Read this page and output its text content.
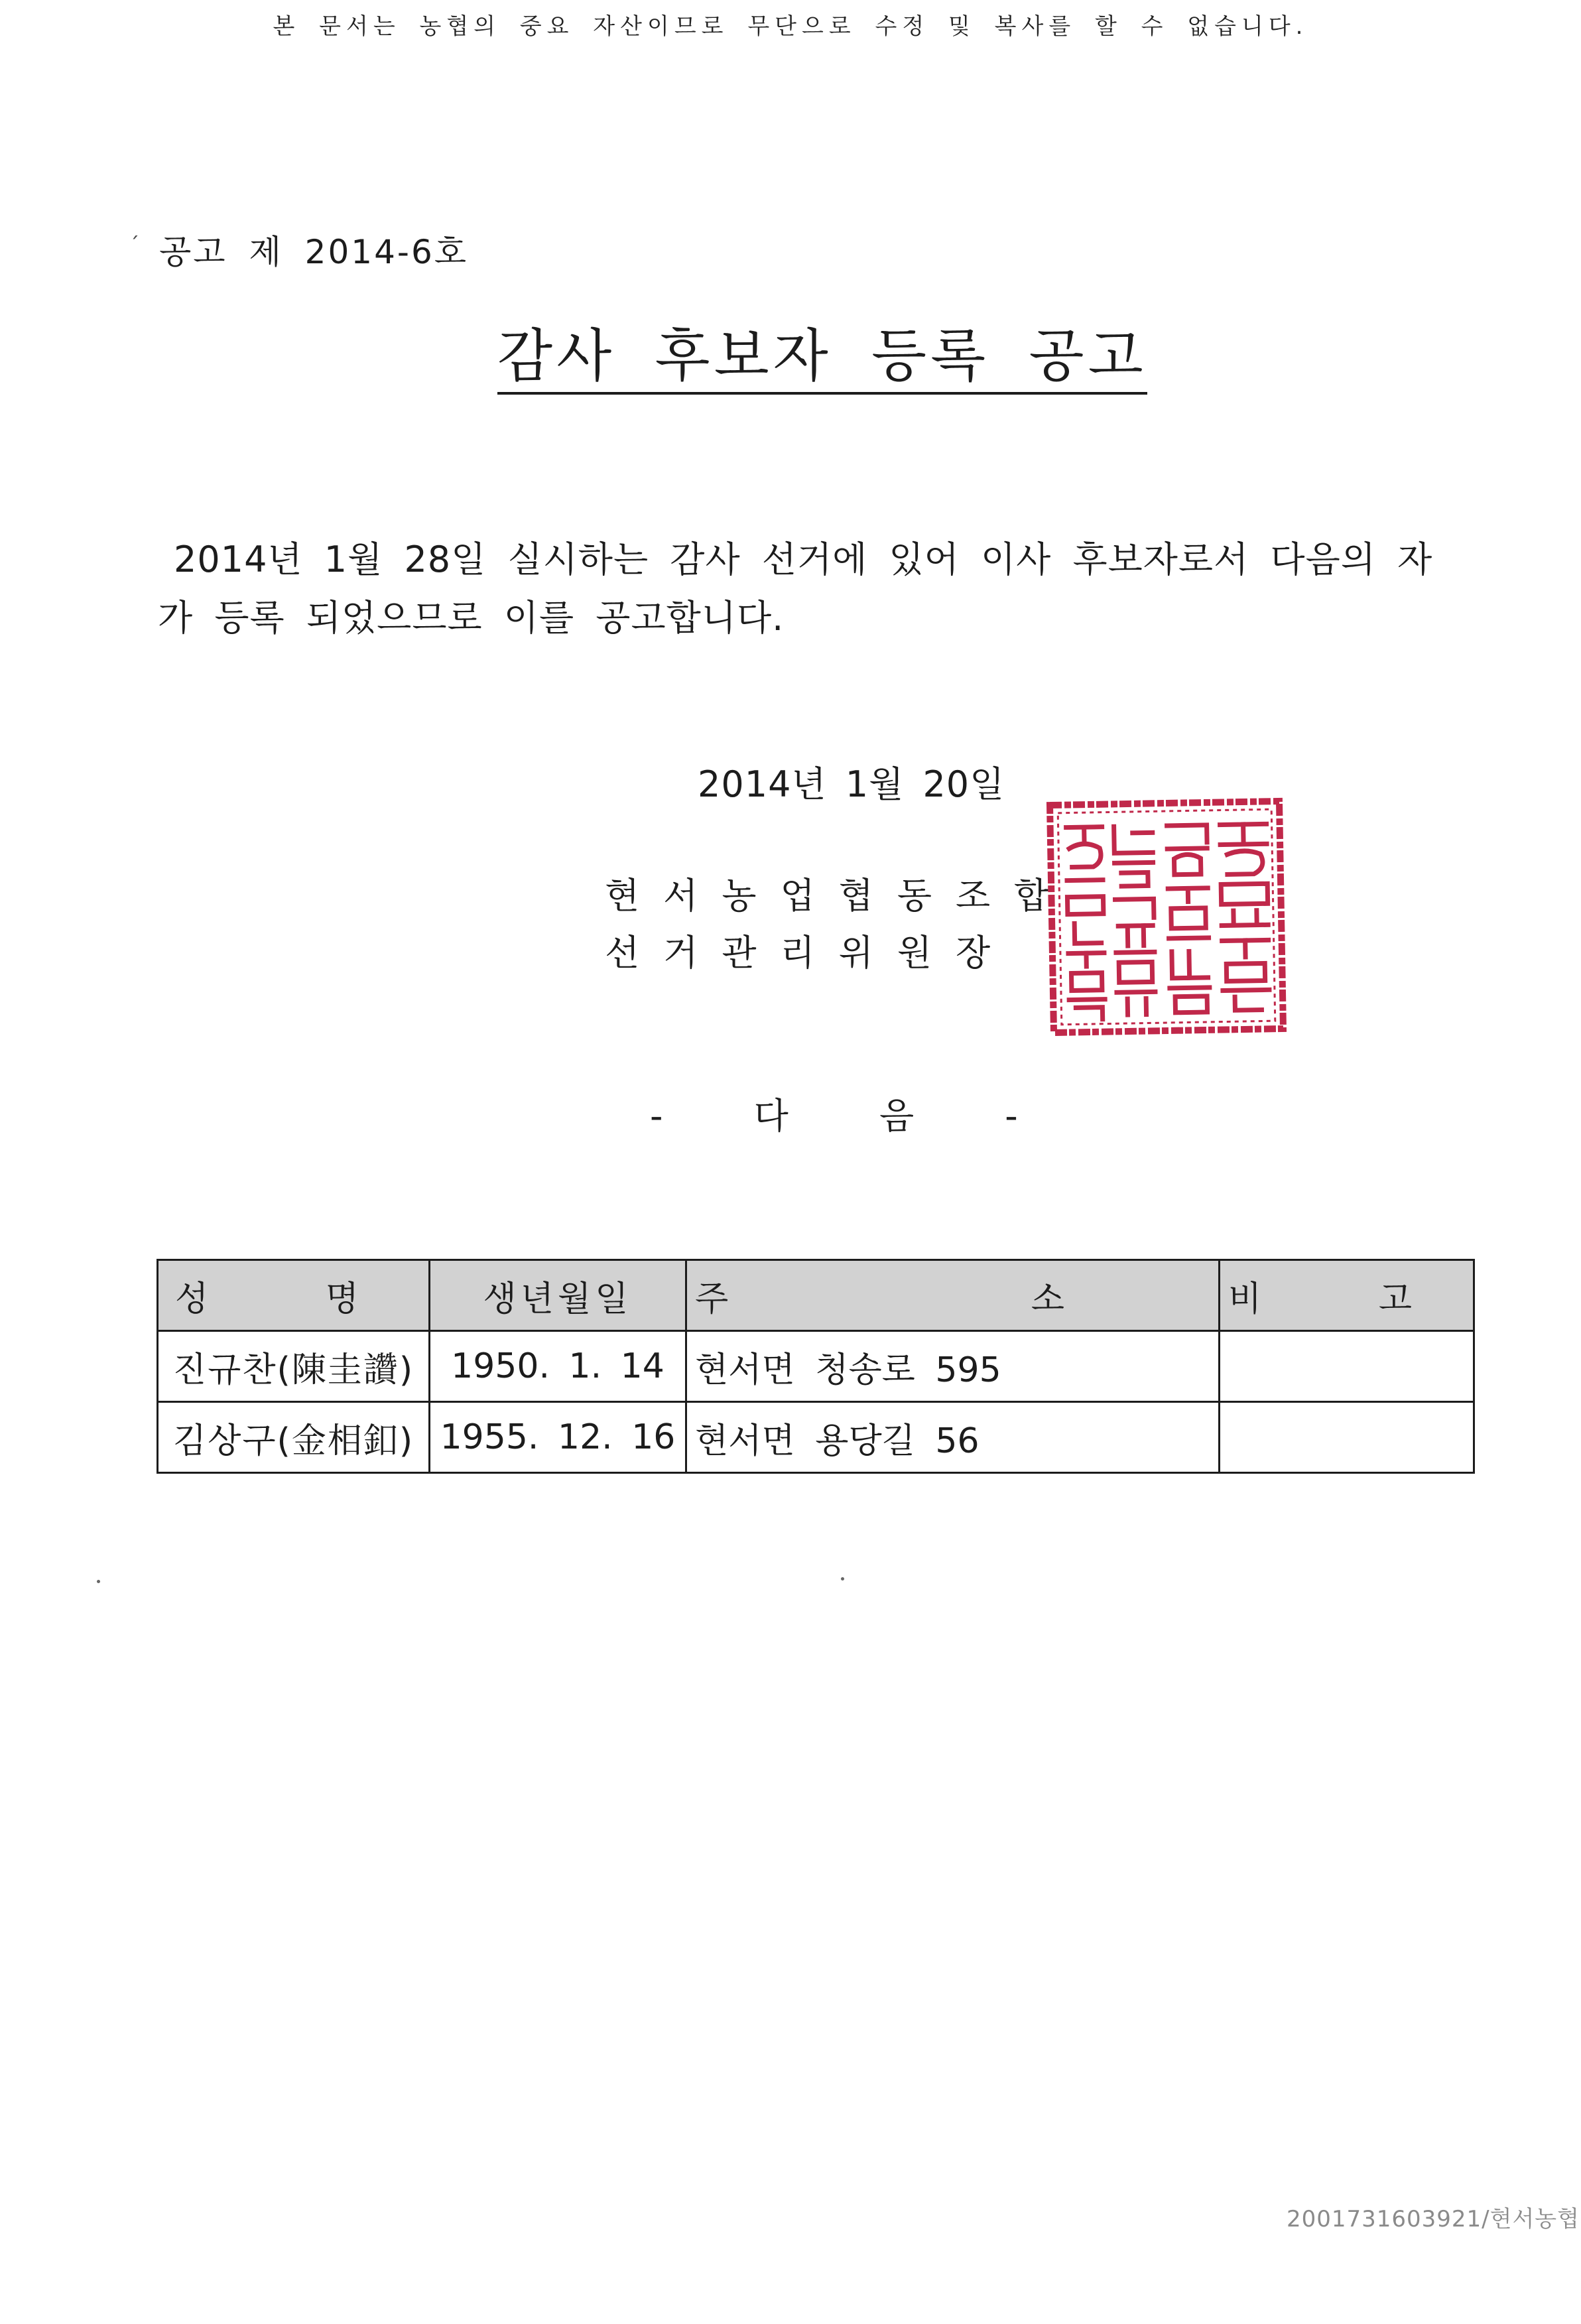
본 문서는 농협의 중요 자산이므로 무단으로 수정 및 복사를 할 수 없습니다.
ˊ 공고 제 2014-6호
감사 후보자 등록 공고
2014년 1월 28일 실시하는 감사 선거에 있어 이사 후보자로서 다음의 자가 등록 되었으므로 이를 공고합니다.
2014년 1월 20일
현서농업협동조합
선거관리위원장
- 다 음 -
성 명	생년월일	주 소	비 고
진규찬(陳圭讚)	1950. 1. 14	현서면 청송로 595	
김상구(金相釦)	1955. 12. 16	현서면 용당길 56	
200173160392​1/현서농협
